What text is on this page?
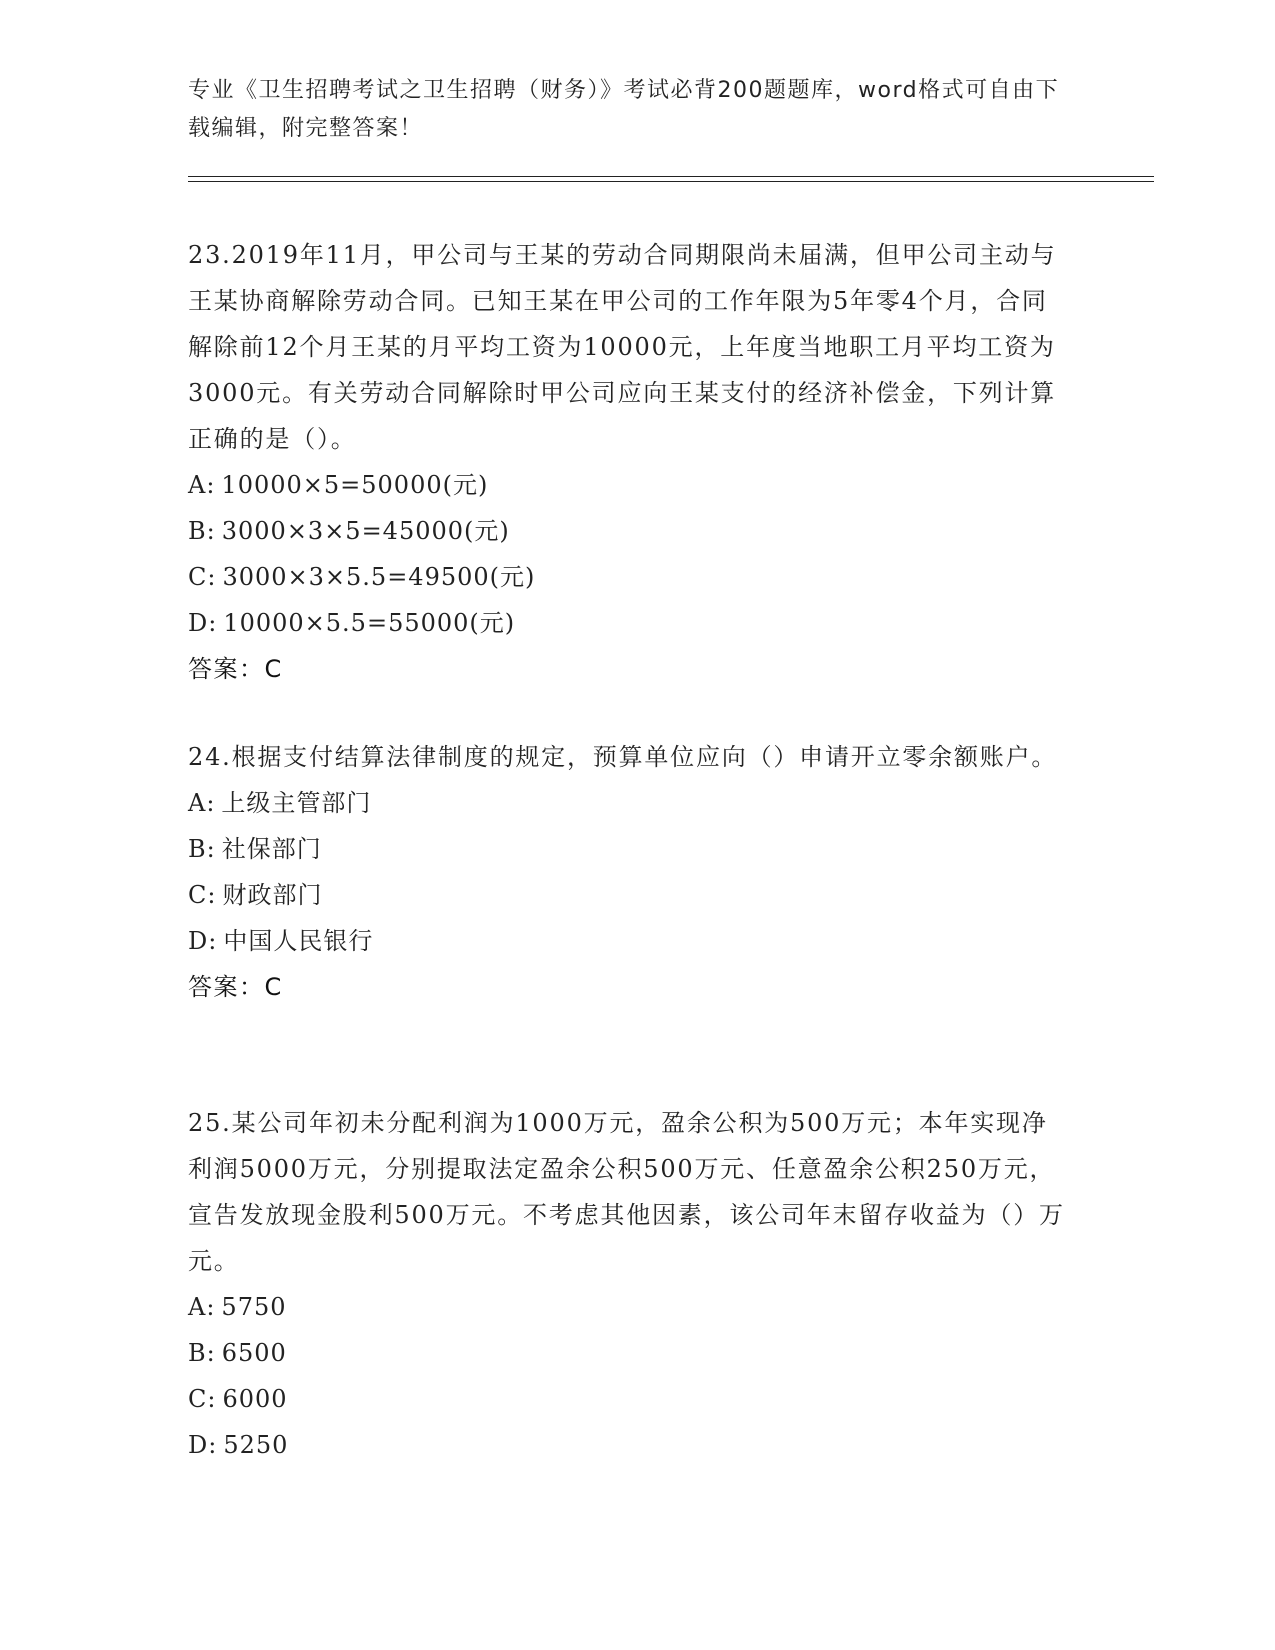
专业《卫生招聘考试之卫生招聘（财务）》考试必背200题题库，word格式可自由下载编辑，附完整答案！

23.2019年11月，甲公司与王某的劳动合同期限尚未届满，但甲公司主动与王某协商解除劳动合同。已知王某在甲公司的工作年限为5年零4个月，合同解除前12个月王某的月平均工资为10000元，上年度当地职工月平均工资为3000元。有关劳动合同解除时甲公司应向王某支付的经济补偿金，下列计算正确的是（）。

A: 10000×5=50000(元)
B: 3000×3×5=45000(元)
C: 3000×3×5.5=49500(元)
D: 10000×5.5=55000(元)
答案：C

24.根据支付结算法律制度的规定，预算单位应向（）申请开立零余额账户。

A: 上级主管部门
B: 社保部门
C: 财政部门
D: 中国人民银行
答案：C

25.某公司年初未分配利润为1000万元，盈余公积为500万元；本年实现净利润5000万元，分别提取法定盈余公积500万元、任意盈余公积250万元，宣告发放现金股利500万元。不考虑其他因素，该公司年末留存收益为（）万元。

A: 5750
B: 6500
C: 6000
D: 5250
